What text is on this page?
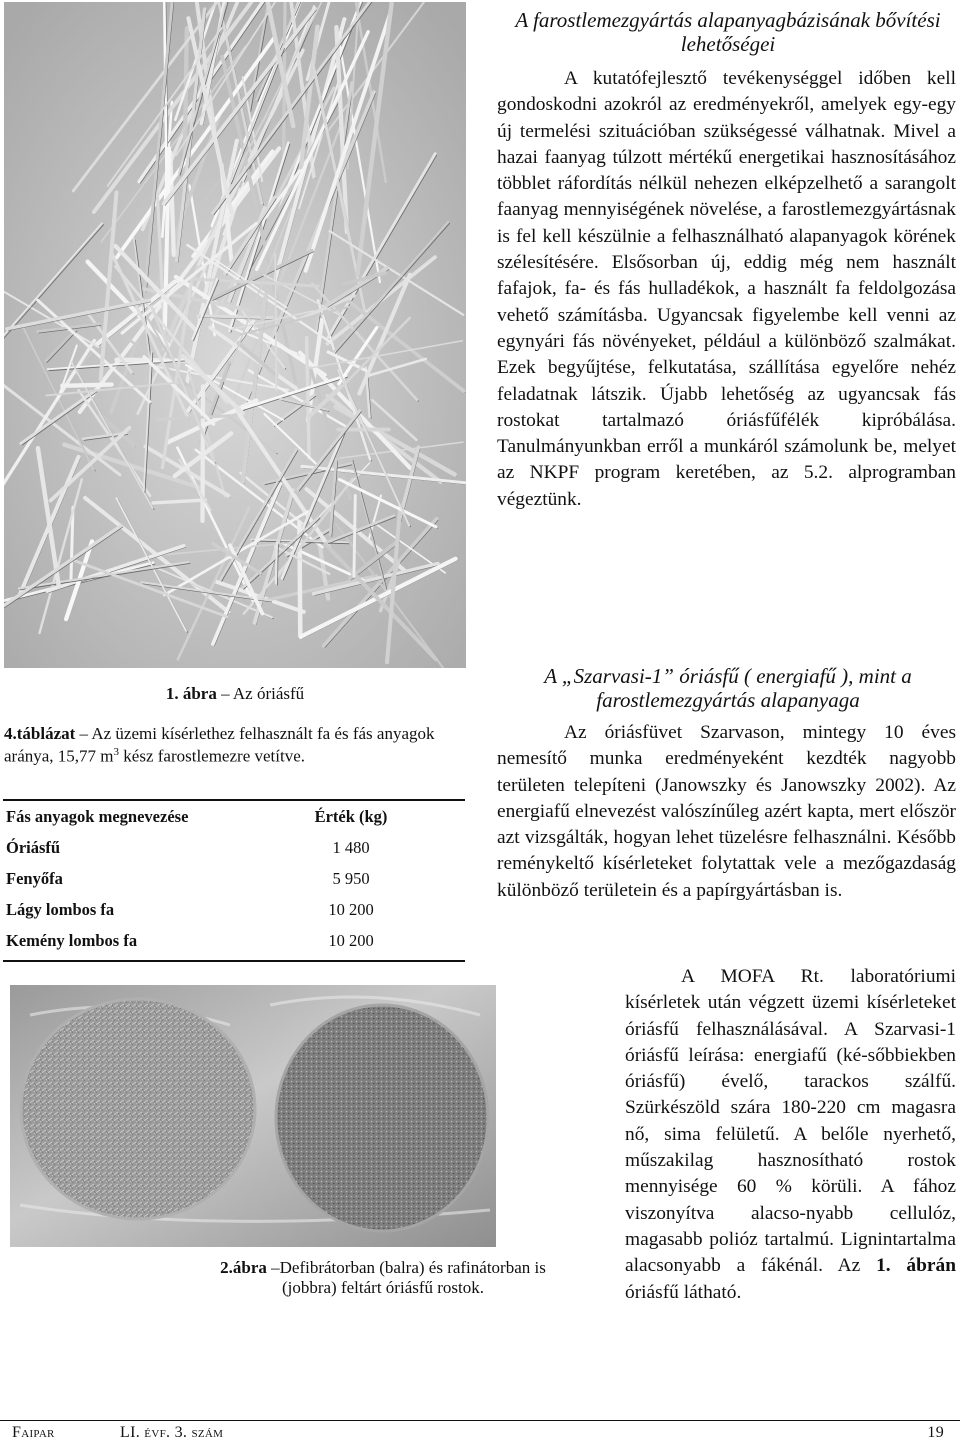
A farostlemezgyártás alapanyagbázisának bővítési lehetőségei
A kutatófejlesztő tevékenységgel időben kell gondoskodni azokról az eredményekről, amelyek egy-egy új termelési szituációban szükségessé válhatnak. Mivel a hazai faanyag túlzott mértékű energetikai hasznosításához többlet ráfordítás nélkül nehezen elképzelhető a sarangolt faanyag mennyiségének növelése, a farostlemezgyártásnak is fel kell készülnie a felhasználható alapanyagok körének szélesítésére. Elsősorban új, eddig még nem használt fafajok, fa- és fás hulladékok, a használt fa feldolgozása vehető számításba. Ugyancsak figyelembe kell venni az egynyári fás növényeket, például a különböző szalmákat. Ezek begyűjtése, felkutatása, szállítása egyelőre nehéz feladatnak látszik. Újabb lehetőség az ugyancsak fás rostokat tartalmazó óriásfűfélék kipróbálása. Tanulmányunkban erről a munkáról számolunk be, melyet az NKPF program keretében, az 5.2. alprogramban végeztünk.
1. ábra – Az óriásfű
4.táblázat – Az üzemi kísérlethez felhasznált fa és fás anyagok aránya, 15,77 $m^3$ kész farostlemezre vetítve.
Fás anyagok megnevezése	Érték (kg)
Óriásfű	1 480
Fenyőfa	5 950
Lágy lombos fa	10 200
Kemény lombos fa	10 200
2.ábra –Defibrátorban (balra) és rafinátorban is (jobbra) feltárt óriásfű rostok.
A „Szarvasi-1” óriásfű ( energiafű ), mint a farostlemezgyártás alapanyaga
Az óriásfüvet Szarvason, mintegy 10 éves nemesítő munka eredményeként kezdték nagyobb területen telepíteni (Janowszky és Janowszky 2002). Az energiafű elnevezést valószínűleg azért kapta, mert először azt vizsgálták, hogyan lehet tüzelésre felhasználni. Később reménykeltő kísérleteket folytattak vele a mezőgazdaság különböző területein és a papírgyártásban is.
A MOFA Rt. laboratóriumi kísérletek után végzett üzemi kísérleteket óriásfű felhasználásával. A Szarvasi-1 óriásfű leírása: energiafű (ké-sőbbiekben óriásfű) évelő, tarackos szálfű. Szürkészöld szára 180-220 cm magasra nő, sima felületű. A belőle nyerhető, műszakilag hasznosítható rostok mennyisége 60 % körüli. A fához viszonyítva alacso-nyabb cellulóz, magasabb polióz tartalmú. Lignintartalma alacsonyabb a fákénál. Az 1. ábrán óriásfű látható.
Faipar	LI. évf. 3. szám	19
